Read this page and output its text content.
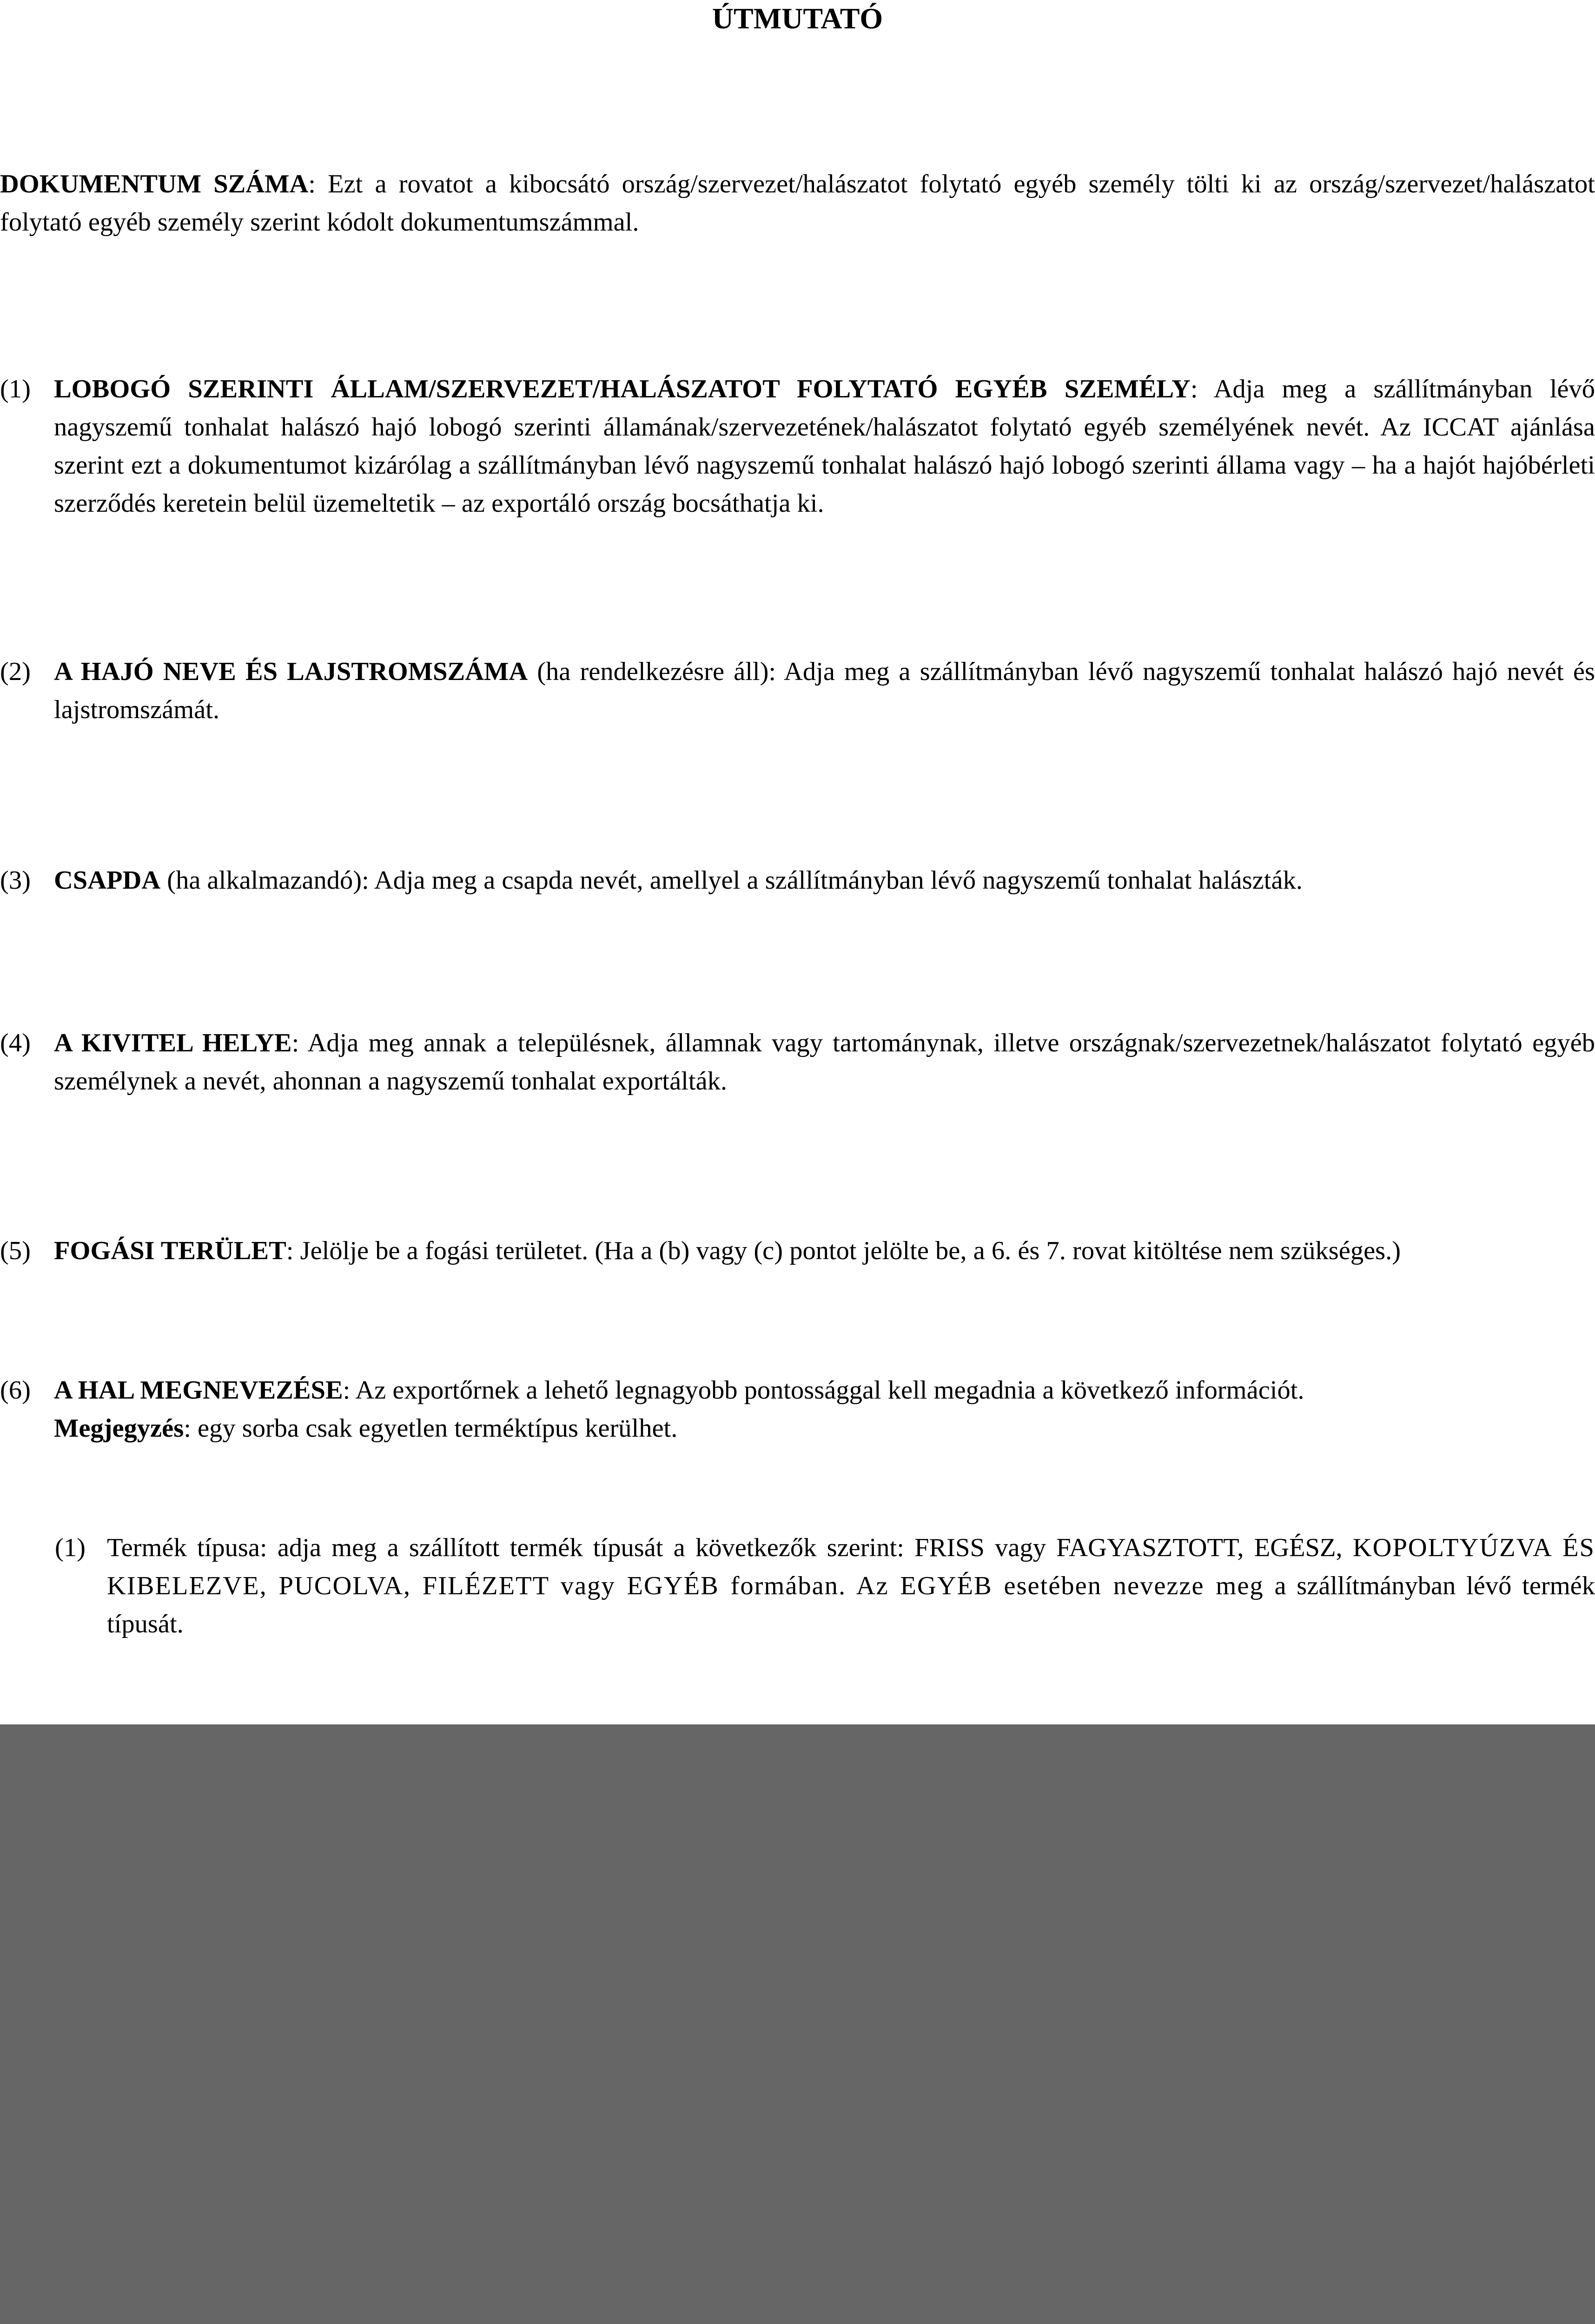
ÚTMUTATÓ
DOKUMENTUM SZÁMA: Ezt a rovatot a kibocsátó ország/szervezet/halászatot folytató egyéb személy tölti ki az ország/szervezet/halászatot folytató egyéb személy szerint kódolt dokumentumszámmal.
(1) LOBOGÓ SZERINTI ÁLLAM/SZERVEZET/HALÁSZATOT FOLYTATÓ EGYÉB SZEMÉLY: Adja meg a szállítmányban lévő nagyszemű tonhalat halászó hajó lobogó szerinti államának/szervezetének/halászatot folytató egyéb személyének nevét. Az ICCAT ajánlása szerint ezt a dokumentumot kizárólag a szállítmányban lévő nagyszemű tonhalat halászó hajó lobogó szerinti állama vagy – ha a hajót hajóbérleti szerződés keretein belül üzemeltetik – az exportáló ország bocsáthatja ki.
(2) A HAJÓ NEVE ÉS LAJSTROMSZÁMA (ha rendelkezésre áll): Adja meg a szállítmányban lévő nagyszemű tonhalat halászó hajó nevét és lajstromszámát.
(3) CSAPDA (ha alkalmazandó): Adja meg a csapda nevét, amellyel a szállítmányban lévő nagyszemű tonhalat halászták.
(4) A KIVITEL HELYE: Adja meg annak a településnek, államnak vagy tartománynak, illetve országnak/szervezetnek/halászatot folytató egyéb személynek a nevét, ahonnan a nagyszemű tonhalat exportálták.
(5) FOGÁSI TERÜLET: Jelölje be a fogási területet. (Ha a (b) vagy (c) pontot jelölte be, a 6. és 7. rovat kitöltése nem szükséges.)
(6) A HAL MEGNEVEZÉSE: Az exportőrnek a lehető legnagyobb pontossággal kell megadnia a következő információt.
Megjegyzés: egy sorba csak egyetlen terméktípus kerülhet.
(1) Termék típusa: adja meg a szállított termék típusát a következők szerint: FRISS vagy FAGYASZTOTT, EGÉSZ, KOPOLTYÚZVA ÉS KIBELEZVE, PUCOLVA, FILÉZETT vagy EGYÉB formában. Az EGYÉB esetében nevezze meg a szállítmányban lévő termék típusát.
